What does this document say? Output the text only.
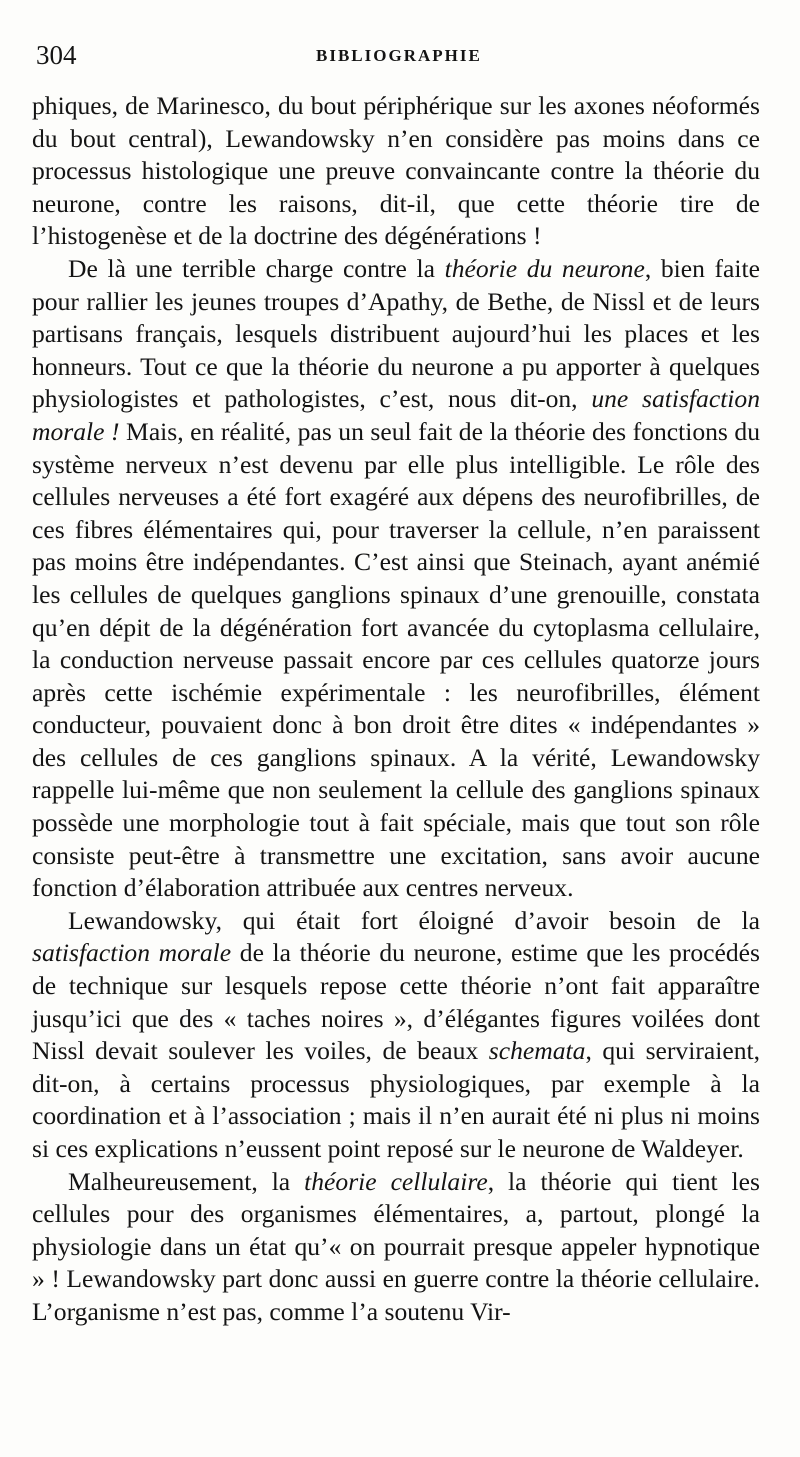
304	BIBLIOGRAPHIE

phiques, de Marinesco, du bout périphérique sur les axones néoformés du bout central), Lewandowsky n’en considère pas moins dans ce processus histologique une preuve convaincante contre la théorie du neurone, contre les raisons, dit-il, que cette théorie tire de l’histogenèse et de la doctrine des dégénérations !

De là une terrible charge contre la théorie du neurone, bien faite pour rallier les jeunes troupes d’Apathy, de Bethe, de Nissl et de leurs partisans français, lesquels distribuent aujourd’hui les places et les honneurs. Tout ce que la théorie du neurone a pu apporter à quelques physiologistes et pathologistes, c’est, nous dit-on, une satisfaction morale ! Mais, en réalité, pas un seul fait de la théorie des fonctions du système nerveux n’est devenu par elle plus intelligible. Le rôle des cellules nerveuses a été fort exagéré aux dépens des neurofibrilles, de ces fibres élémentaires qui, pour traverser la cellule, n’en paraissent pas moins être indépendantes. C’est ainsi que Steinach, ayant anémié les cellules de quelques ganglions spinaux d’une grenouille, constata qu’en dépit de la dégénération fort avancée du cytoplasma cellulaire, la conduction nerveuse passait encore par ces cellules quatorze jours après cette ischémie expérimentale : les neurofibrilles, élément conducteur, pouvaient donc à bon droit être dites « indépendantes » des cellules de ces ganglions spinaux. A la vérité, Lewandowsky rappelle lui-même que non seulement la cellule des ganglions spinaux possède une morphologie tout à fait spéciale, mais que tout son rôle consiste peut-être à transmettre une excitation, sans avoir aucune fonction d’élaboration attribuée aux centres nerveux.

Lewandowsky, qui était fort éloigné d’avoir besoin de la satisfaction morale de la théorie du neurone, estime que les procédés de technique sur lesquels repose cette théorie n’ont fait apparaître jusqu’ici que des « taches noires », d’élégantes figures voilées dont Nissl devait soulever les voiles, de beaux schemata, qui serviraient, dit-on, à certains processus physiologiques, par exemple à la coordination et à l’association ; mais il n’en aurait été ni plus ni moins si ces explications n’eussent point reposé sur le neurone de Waldeyer.

Malheureusement, la théorie cellulaire, la théorie qui tient les cellules pour des organismes élémentaires, a, partout, plongé la physiologie dans un état qu’« on pourrait presque appeler hypnotique » ! Lewandowsky part donc aussi en guerre contre la théorie cellulaire. L’organisme n’est pas, comme l’a soutenu Vir-
